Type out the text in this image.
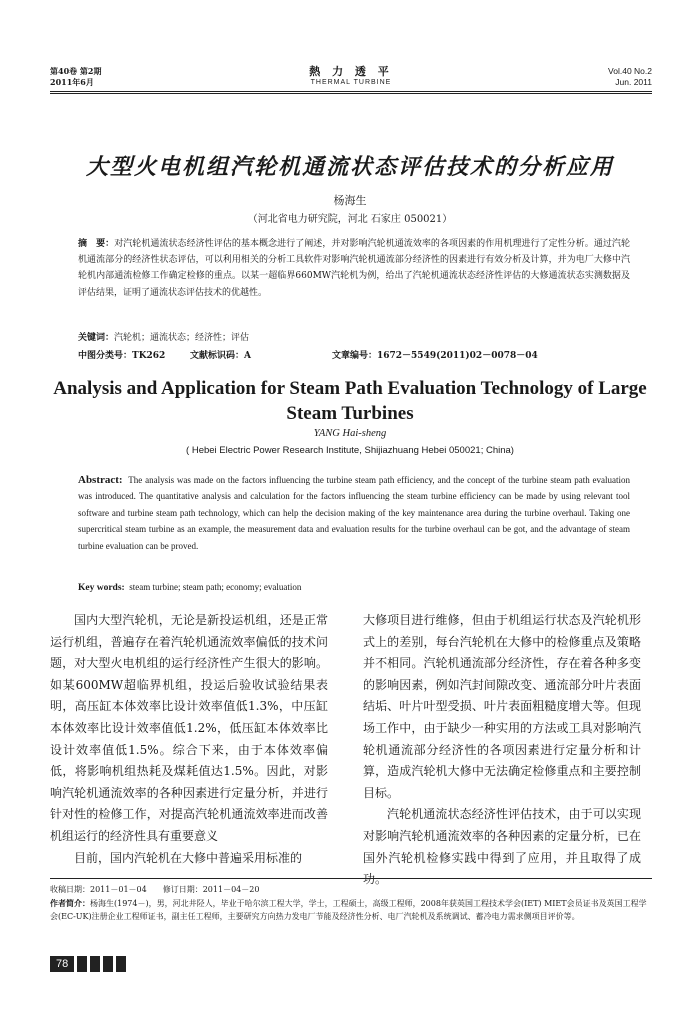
第40卷 第2期
2011年6月
熱 力 透 平
THERMAL TURBINE
Vol.40 No.2
Jun. 2011
大型火电机组汽轮机通流状态评估技术的分析应用
杨海生
（河北省电力研究院，河北 石家庄 050021）
摘　要：对汽轮机通流状态经济性评估的基本概念进行了阐述，并对影响汽轮机通流效率的各项因素的作用机理进行了定性分析。通过汽轮机通流部分的经济性状态评估，可以利用相关的分析工具软件对影响汽轮机通流部分经济性的因素进行有效分析及计算，并为电厂大修中汽轮机内部通流检修工作确定检修的重点。以某一超临界660MW汽轮机为例，给出了汽轮机通流状态经济性评估的大修通流状态实测数据及评估结果，证明了通流状态评估技术的优越性。
关键词：汽轮机；通流状态；经济性；评估
中图分类号：TK262	文献标识码：A	文章编号：1672－5549(2011)02－0078－04
Analysis and Application for Steam Path Evaluation Technology of Large Steam Turbines
YANG Hai-sheng
( Hebei Electric Power Research Institute, Shijiazhuang Hebei 050021; China)
Abstract: The analysis was made on the factors influencing the turbine steam path efficiency, and the concept of the turbine steam path evaluation was introduced. The quantitative analysis and calculation for the factors influencing the steam turbine efficiency can be made by using relevant tool software and turbine steam path technology, which can help the decision making of the key maintenance area during the turbine overhaul. Taking one supercritical steam turbine as an example, the measurement data and evaluation results for the turbine overhaul can be got, and the advantage of steam turbine evaluation can be proved.
Key words: steam turbine; steam path; economy; evaluation

国内大型汽轮机，无论是新投运机组，还是正常运行机组，普遍存在着汽轮机通流效率偏低的技术问题，对大型火电机组的运行经济性产生很大的影响。如某600MW超临界机组，投运后验收试验结果表明，高压缸本体效率比设计效率值低1.3%，中压缸本体效率比设计效率值低1.2%，低压缸本体效率比设计效率值低1.5%。综合下来，由于本体效率偏低，将影响机组热耗及煤耗值达1.5%。因此，对影响汽轮机通流效率的各种因素进行定量分析，并进行针对性的检修工作，对提高汽轮机通流效率进而改善机组运行的经济性具有重要意义

目前，国内汽轮机在大修中普遍采用标准的

大修项目进行维修，但由于机组运行状态及汽轮机形式上的差别，每台汽轮机在大修中的检修重点及策略并不相同。汽轮机通流部分经济性，存在着各种多变的影响因素，例如汽封间隙改变、通流部分叶片表面结垢、叶片叶型受损、叶片表面粗糙度增大等。但现场工作中，由于缺少一种实用的方法或工具对影响汽轮机通流部分经济性的各项因素进行定量分析和计算，造成汽轮机大修中无法确定检修重点和主要控制目标。

汽轮机通流状态经济性评估技术，由于可以实现对影响汽轮机通流效率的各种因素的定量分析，已在国外汽轮机检修实践中得到了应用，并且取得了成功。

收稿日期：2011－01－04　　修订日期：2011－04－20
作者简介：杨海生(1974－)，男，河北井陉人，毕业于哈尔滨工程大学，学士，工程硕士，高级工程师，2008年获英国工程技术学会(IET) MIET会员证书及英国工程学会(EC-UK)注册企业工程师证书，副主任工程师，主要研究方向热力发电厂节能及经济性分析、电厂汽轮机及系统调试、蓄冷电力需求侧项目评价等。
78
